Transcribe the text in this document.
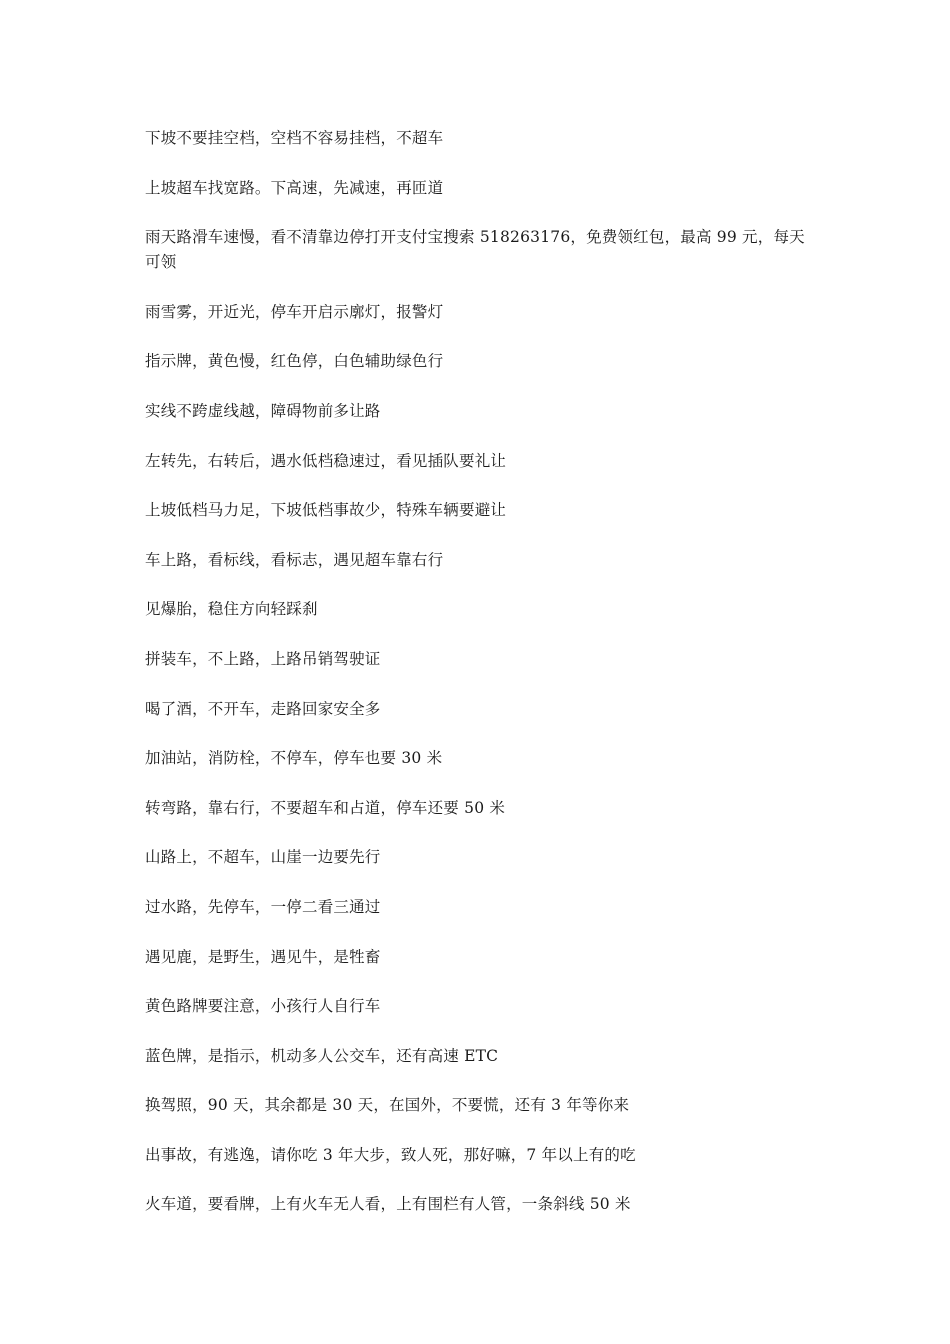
下坡不要挂空档，空档不容易挂档，不超车

上坡超车找宽路。下高速，先减速，再匝道

雨天路滑车速慢，看不清靠边停打开支付宝搜索 518263176，免费领红包，最高 99 元，每天可领

雨雪雾，开近光，停车开启示廓灯，报警灯

指示牌，黄色慢，红色停，白色辅助绿色行

实线不跨虚线越，障碍物前多让路

左转先，右转后，遇水低档稳速过，看见插队要礼让

上坡低档马力足，下坡低档事故少，特殊车辆要避让

车上路，看标线，看标志，遇见超车靠右行

见爆胎，稳住方向轻踩刹

拼装车，不上路，上路吊销驾驶证

喝了酒，不开车，走路回家安全多

加油站，消防栓，不停车，停车也要 30 米

转弯路，靠右行，不要超车和占道，停车还要 50 米

山路上，不超车，山崖一边要先行

过水路，先停车，一停二看三通过

遇见鹿，是野生，遇见牛，是牲畜

黄色路牌要注意，小孩行人自行车

蓝色牌，是指示，机动多人公交车，还有高速 ETC

换驾照，90 天，其余都是 30 天，在国外，不要慌，还有 3 年等你来

出事故，有逃逸，请你吃 3 年大步，致人死，那好嘛，7 年以上有的吃

火车道，要看牌，上有火车无人看，上有围栏有人管，一条斜线 50 米
